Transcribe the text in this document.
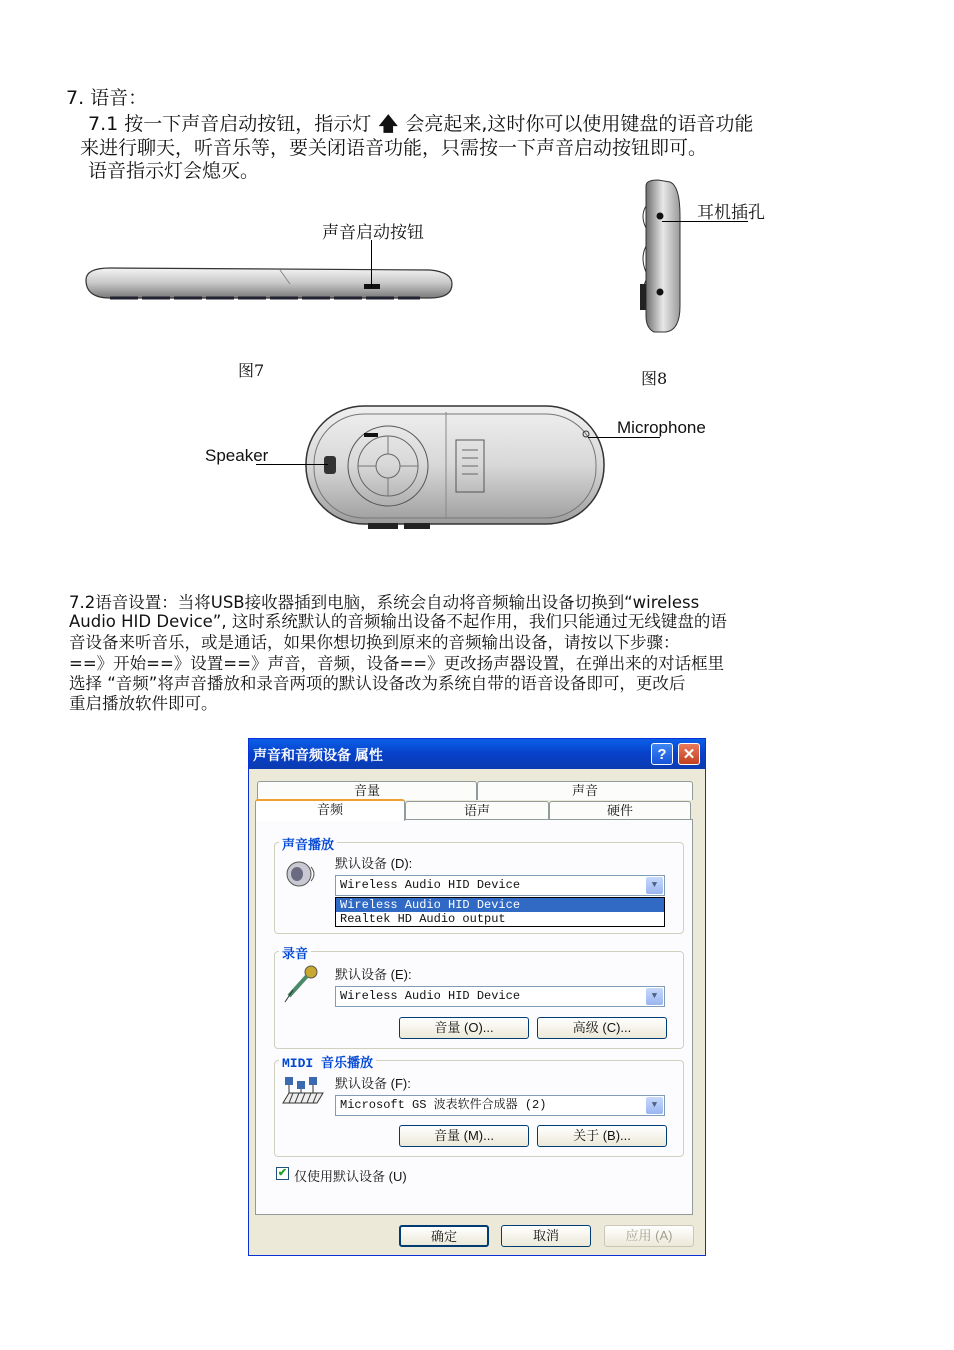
7. 语音：
7.1 按一下声音启动按钮，指示灯 🡅 会亮起来,这时你可以使用键盘的语音功能
来进行聊天，听音乐等，要关闭语音功能，只需按一下声音启动按钮即可。
语音指示灯会熄灭。
声音启动按钮
图7
耳机插孔
图8
Speaker
Microphone
7.2语音设置：当将USB接收器插到电脑，系统会自动将音频输出设备切换到“wireless
Audio HID Device”, 这时系统默认的音频输出设备不起作用，我们只能通过无线键盘的语
音设备来听音乐，或是通话，如果你想切换到原来的音频输出设备，请按以下步骤：
==》开始==》设置==》声音，音频，设备==》更改扬声器设置，在弹出来的对话框里
选择 “音频”将声音播放和录音两项的默认设备改为系统自带的语音设备即可，更改后
重启播放软件即可。
声音和音频设备 属性	?	✕
音量	声音
音频	语声	硬件
声音播放
默认设备 (D):
Wireless Audio HID Device	▼
Wireless Audio HID Device
Realtek HD Audio output
录音
默认设备 (E):
Wireless Audio HID Device	▼
音量 (O)...	高级 (C)...
MIDI 音乐播放
默认设备 (F):
Microsoft GS 波表软件合成器 (2)	▼
音量 (M)...	关于 (B)...
✔ 仅使用默认设备 (U)
确定	取消	应用 (A)
